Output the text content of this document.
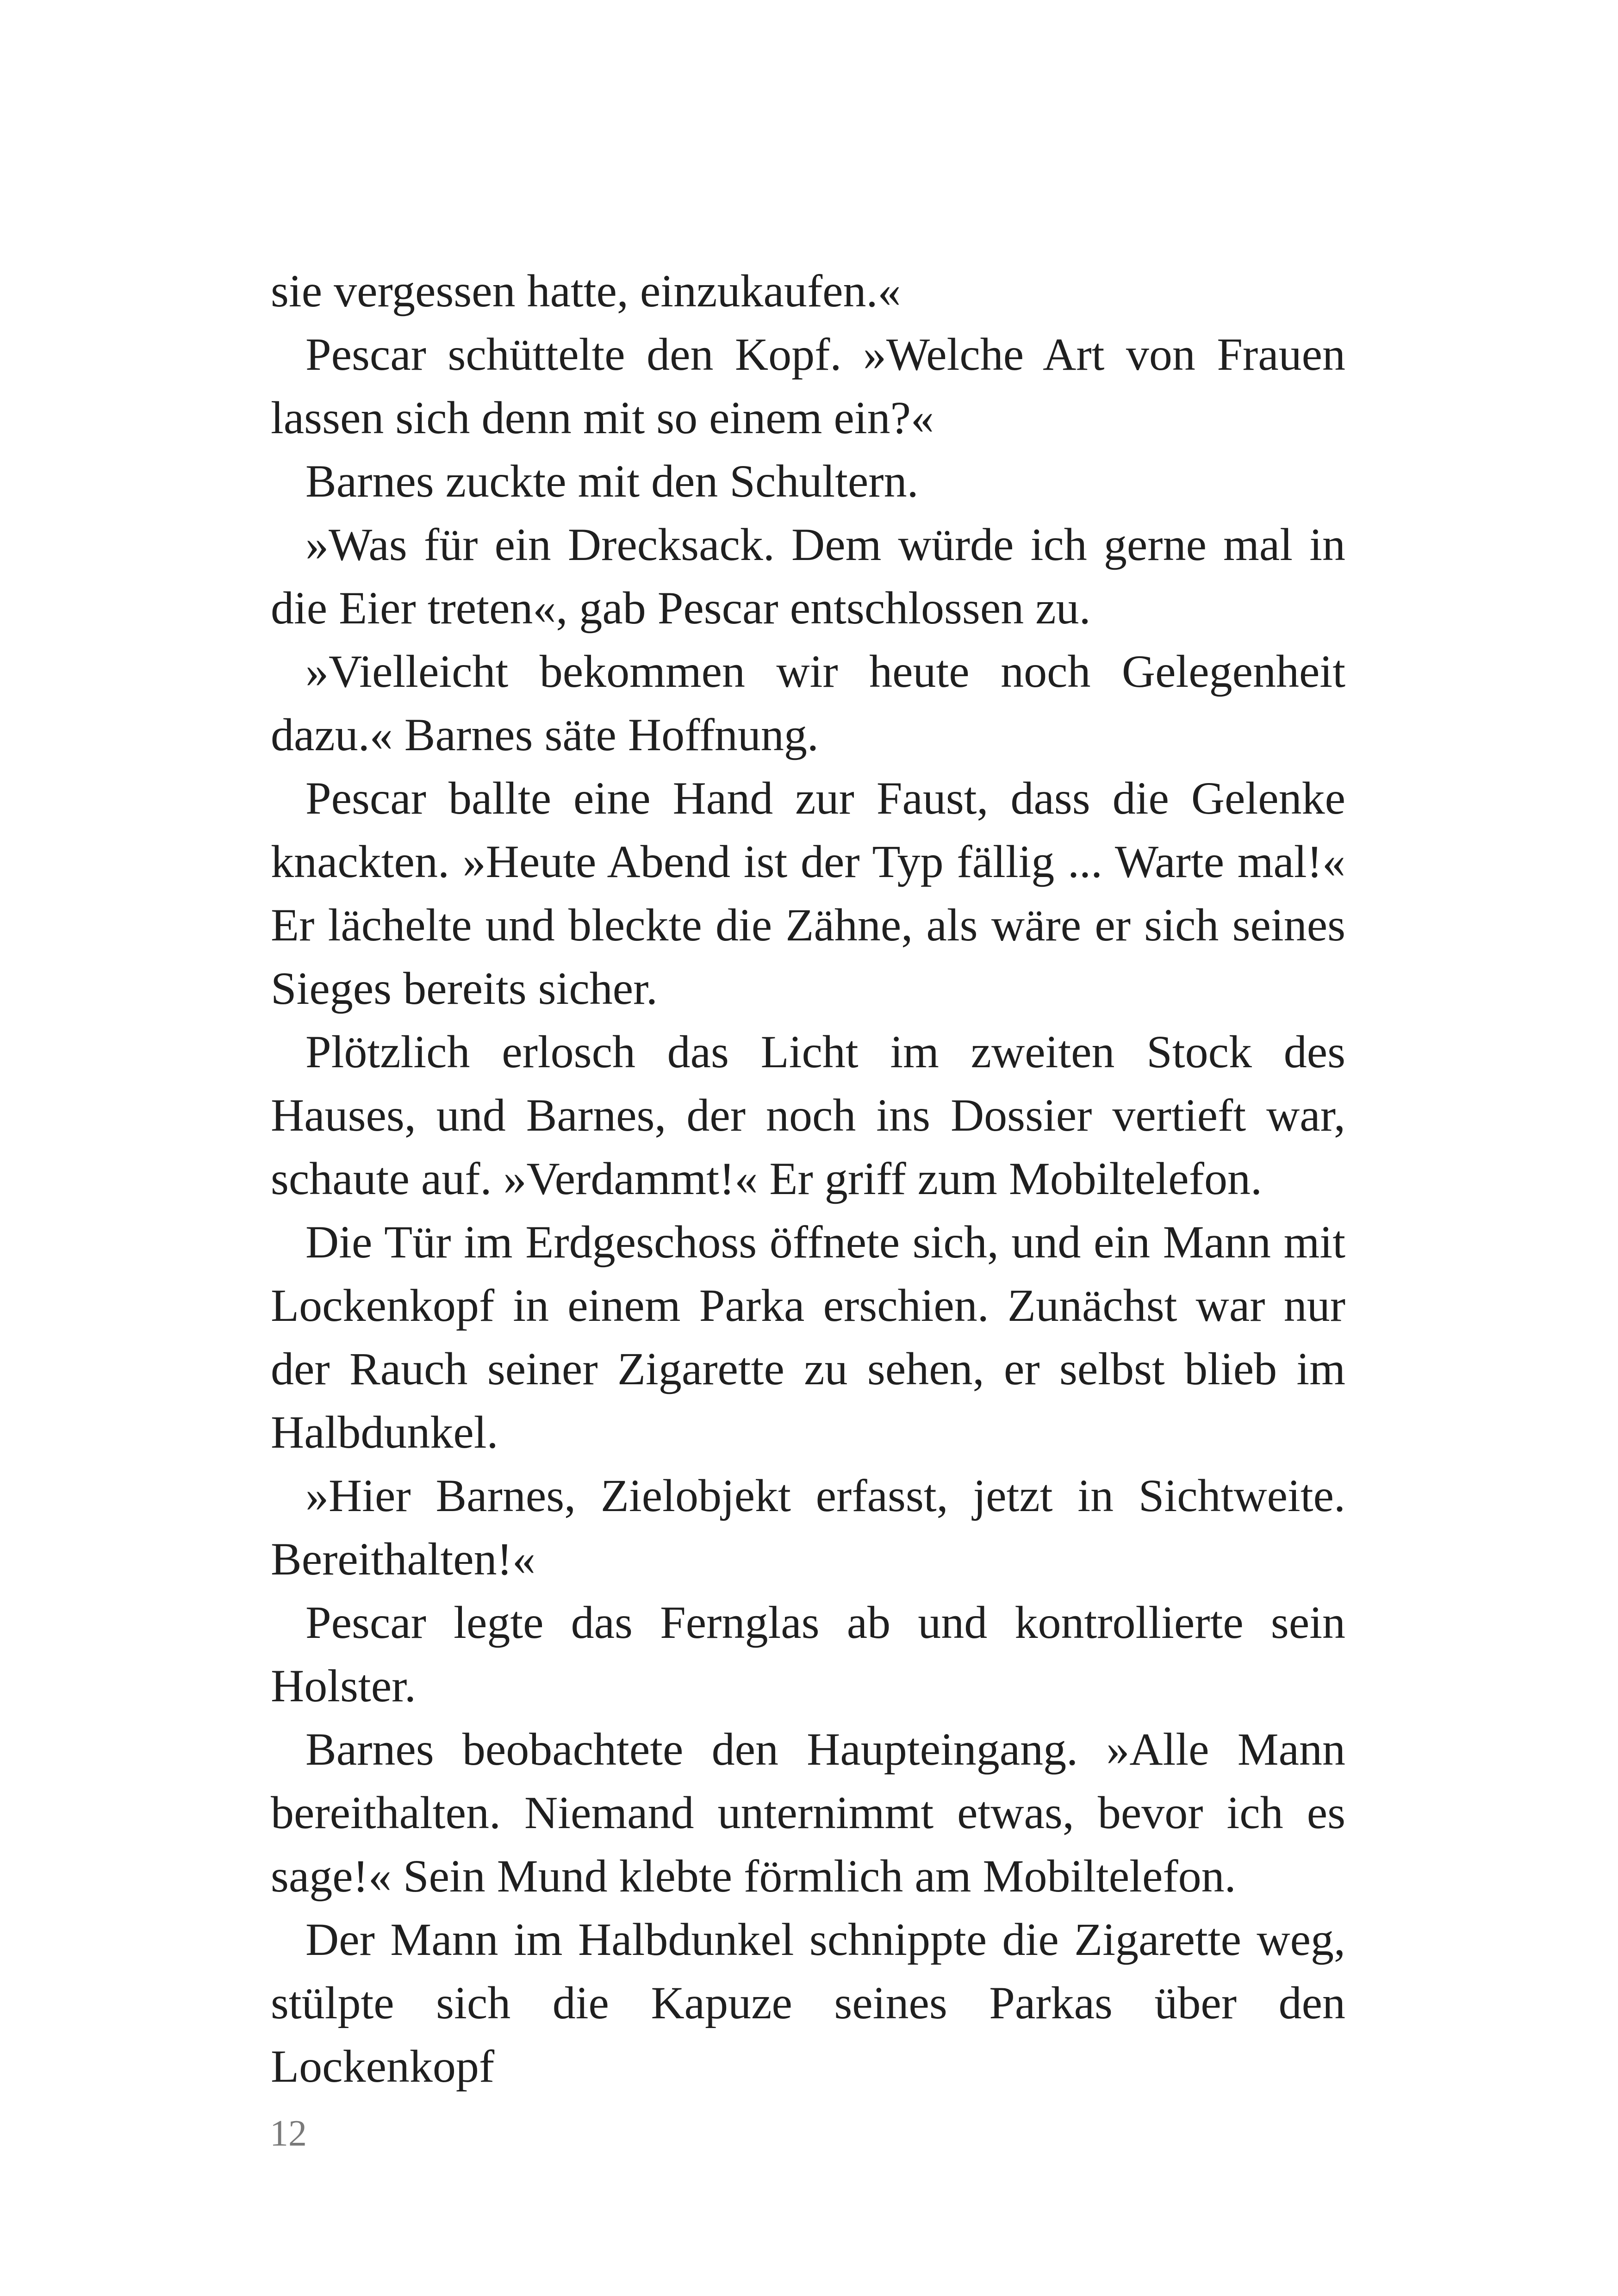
sie vergessen hatte, einzukaufen.«

Pescar schüttelte den Kopf. »Welche Art von Frauen lassen sich denn mit so einem ein?«

Barnes zuckte mit den Schultern.

»Was für ein Drecksack. Dem würde ich gerne mal in die Eier treten«, gab Pescar entschlossen zu.

»Vielleicht bekommen wir heute noch Gelegenheit dazu.« Barnes säte Hoffnung.

Pescar ballte eine Hand zur Faust, dass die Gelenke knackten. »Heute Abend ist der Typ fällig ... Warte mal!« Er lächelte und bleckte die Zähne, als wäre er sich seines Sieges bereits sicher.

Plötzlich erlosch das Licht im zweiten Stock des Hauses, und Barnes, der noch ins Dossier vertieft war, schaute auf. »Verdammt!« Er griff zum Mobiltelefon.

Die Tür im Erdgeschoss öffnete sich, und ein Mann mit Lockenkopf in einem Parka erschien. Zunächst war nur der Rauch seiner Zigarette zu sehen, er selbst blieb im Halbdunkel.

»Hier Barnes, Zielobjekt erfasst, jetzt in Sichtweite. Bereithalten!«

Pescar legte das Fernglas ab und kontrollierte sein Holster.

Barnes beobachtete den Haupteingang. »Alle Mann bereithalten. Niemand unternimmt etwas, bevor ich es sage!« Sein Mund klebte förmlich am Mobiltelefon.

Der Mann im Halbdunkel schnippte die Zigarette weg, stülpte sich die Kapuze seines Parkas über den Lockenkopf

12
